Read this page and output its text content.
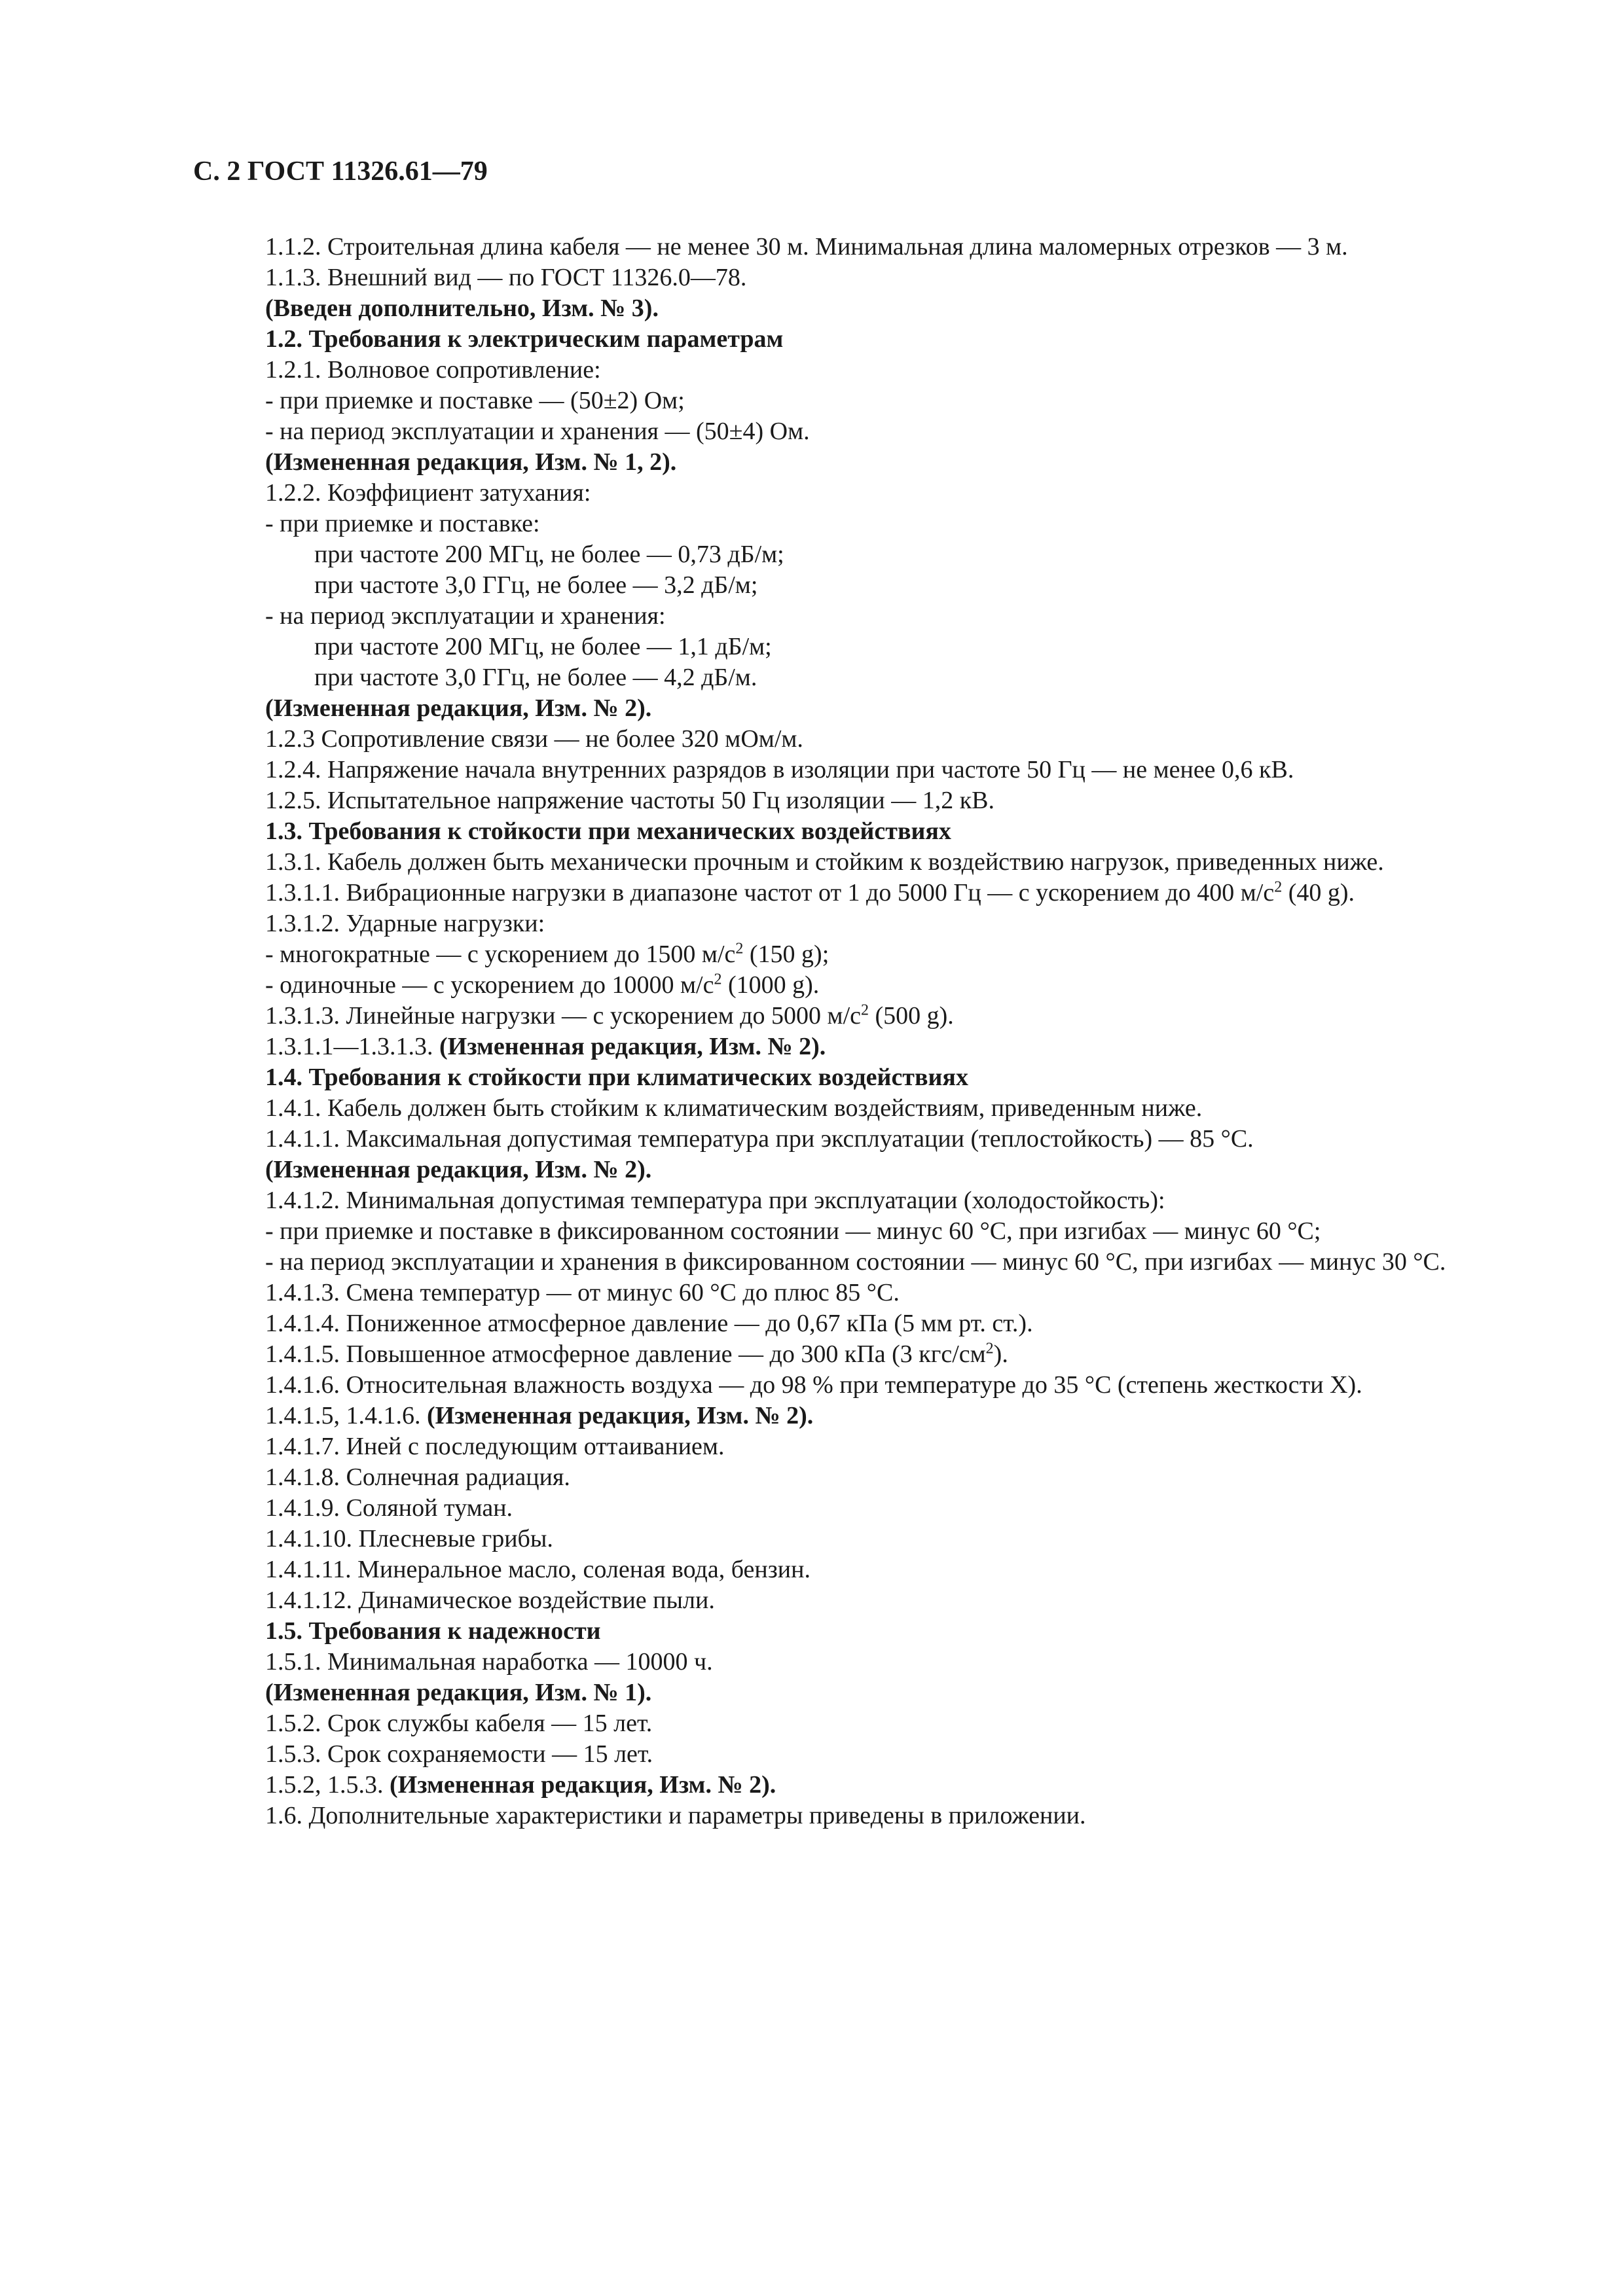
С. 2 ГОСТ 11326.61—79
1.1.2. Строительная длина кабеля — не менее 30 м. Минимальная длина маломерных отрезков — 3 м.
1.1.3. Внешний вид — по ГОСТ 11326.0—78.
(Введен дополнительно, Изм. № 3).
1.2. Требования к электрическим параметрам
1.2.1. Волновое сопротивление:
- при приемке и поставке — (50±2) Ом;
- на период эксплуатации и хранения — (50±4) Ом.
(Измененная редакция, Изм. № 1, 2).
1.2.2. Коэффициент затухания:
- при приемке и поставке:
при частоте 200 МГц, не более — 0,73 дБ/м;
при частоте 3,0 ГГц, не более — 3,2 дБ/м;
- на период эксплуатации и хранения:
при частоте 200 МГц, не более — 1,1 дБ/м;
при частоте 3,0 ГГц, не более — 4,2 дБ/м.
(Измененная редакция, Изм. № 2).
1.2.3 Сопротивление связи — не более 320 мОм/м.
1.2.4. Напряжение начала внутренних разрядов в изоляции при частоте 50 Гц — не менее 0,6 кВ.
1.2.5. Испытательное напряжение частоты 50 Гц изоляции — 1,2 кВ.
1.3. Требования к стойкости при механических воздействиях
1.3.1. Кабель должен быть механически прочным и стойким к воздействию нагрузок, приведенных ниже.
1.3.1.1. Вибрационные нагрузки в диапазоне частот от 1 до 5000 Гц — с ускорением до 400 $м/с^2$ (40 g).
1.3.1.2. Ударные нагрузки:
- многократные — с ускорением до 1500 $м/с^2$ (150 g);
- одиночные — с ускорением до 10000 $м/с^2$ (1000 g).
1.3.1.3. Линейные нагрузки — с ускорением до 5000 $м/с^2$ (500 g).
1.3.1.1—1.3.1.3. (Измененная редакция, Изм. № 2).
1.4. Требования к стойкости при климатических воздействиях
1.4.1. Кабель должен быть стойким к климатическим воздействиям, приведенным ниже.
1.4.1.1. Максимальная допустимая температура при эксплуатации (теплостойкость) — 85 °С.
(Измененная редакция, Изм. № 2).
1.4.1.2. Минимальная допустимая температура при эксплуатации (холодостойкость):
- при приемке и поставке в фиксированном состоянии — минус 60 °С, при изгибах — минус 60 °С;
- на период эксплуатации и хранения в фиксированном состоянии — минус 60 °С, при изгибах — минус 30 °С.
1.4.1.3. Смена температур — от минус 60 °С до плюс 85 °С.
1.4.1.4. Пониженное атмосферное давление — до 0,67 кПа (5 мм рт. ст.).
1.4.1.5. Повышенное атмосферное давление — до 300 кПа (3 кгс/$см^2$).
1.4.1.6. Относительная влажность воздуха — до 98 % при температуре до 35 °С (степень жесткости Х).
1.4.1.5, 1.4.1.6. (Измененная редакция, Изм. № 2).
1.4.1.7. Иней с последующим оттаиванием.
1.4.1.8. Солнечная радиация.
1.4.1.9. Соляной туман.
1.4.1.10. Плесневые грибы.
1.4.1.11. Минеральное масло, соленая вода, бензин.
1.4.1.12. Динамическое воздействие пыли.
1.5. Требования к надежности
1.5.1. Минимальная наработка — 10000 ч.
(Измененная редакция, Изм. № 1).
1.5.2. Срок службы кабеля — 15 лет.
1.5.3. Срок сохраняемости — 15 лет.
1.5.2, 1.5.3. (Измененная редакция, Изм. № 2).
1.6. Дополнительные характеристики и параметры приведены в приложении.
